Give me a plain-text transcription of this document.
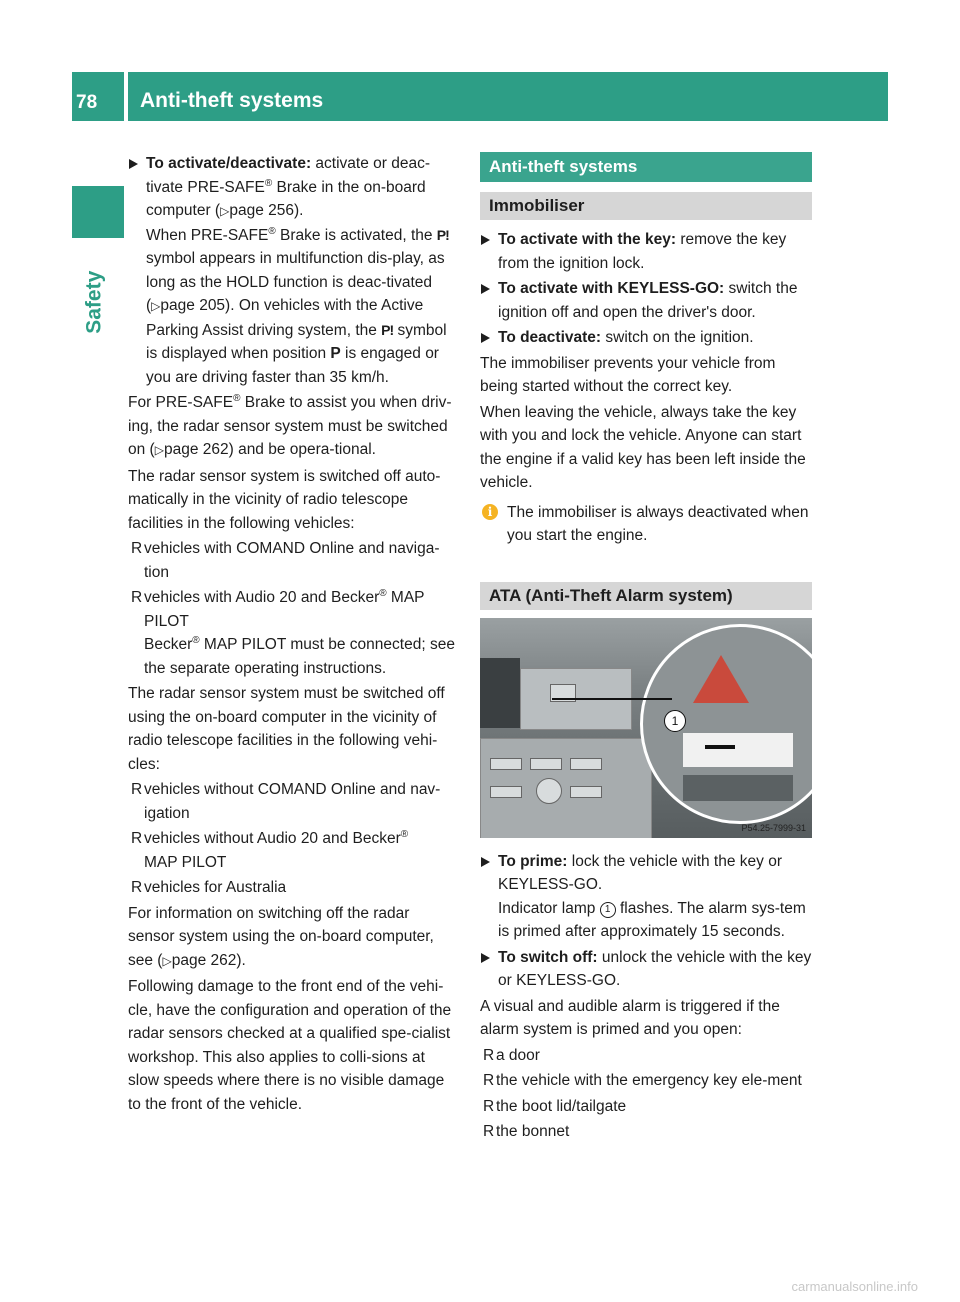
78 Anti-theft systems
Safety
To activate/deactivate: activate or deac-tivate PRE-SAFE® Brake in the on-board computer (▷page 256).
When PRE-SAFE® Brake is activated, the P! symbol appears in multifunction dis-play, as long as the HOLD function is deac-tivated (▷page 205). On vehicles with the Active Parking Assist driving system, the P! symbol is displayed when position P is engaged or you are driving faster than 35 km/h.

For PRE-SAFE® Brake to assist you when driv-ing, the radar sensor system must be switched on (▷page 262) and be opera-tional.

The radar sensor system is switched off auto-matically in the vicinity of radio telescope facilities in the following vehicles:

R vehicles with COMAND Online and naviga-tion
R vehicles with Audio 20 and Becker® MAP PILOT
Becker® MAP PILOT must be connected; see the separate operating instructions.

The radar sensor system must be switched off using the on-board computer in the vicinity of radio telescope facilities in the following vehi-cles:

R vehicles without COMAND Online and nav-igation
R vehicles without Audio 20 and Becker®
MAP PILOT
R vehicles for Australia

For information on switching off the radar sensor system using the on-board computer, see (▷page 262).

Following damage to the front end of the vehi-cle, have the configuration and operation of the radar sensors checked at a qualified spe-cialist workshop. This also applies to colli-sions at slow speeds where there is no visible damage to the front of the vehicle.

Anti-theft systems
Immobiliser
To activate with the key: remove the key from the ignition lock.
To activate with KEYLESS-GO: switch the ignition off and open the driver's door.
To deactivate: switch on the ignition.

The immobiliser prevents your vehicle from being started without the correct key.

When leaving the vehicle, always take the key with you and lock the vehicle. Anyone can start the engine if a valid key has been left inside the vehicle.

i The immobiliser is always deactivated when you start the engine.
ATA (Anti-Theft Alarm system)
1
P54.25-7999-31
To prime: lock the vehicle with the key or KEYLESS-GO.
Indicator lamp 1 flashes. The alarm sys-tem is primed after approximately 15 seconds.
To switch off: unlock the vehicle with the key or KEYLESS-GO.

A visual and audible alarm is triggered if the alarm system is primed and you open:

R a door
R the vehicle with the emergency key ele-ment
R the boot lid/tailgate
R the bonnet
carmanualsonline.info
